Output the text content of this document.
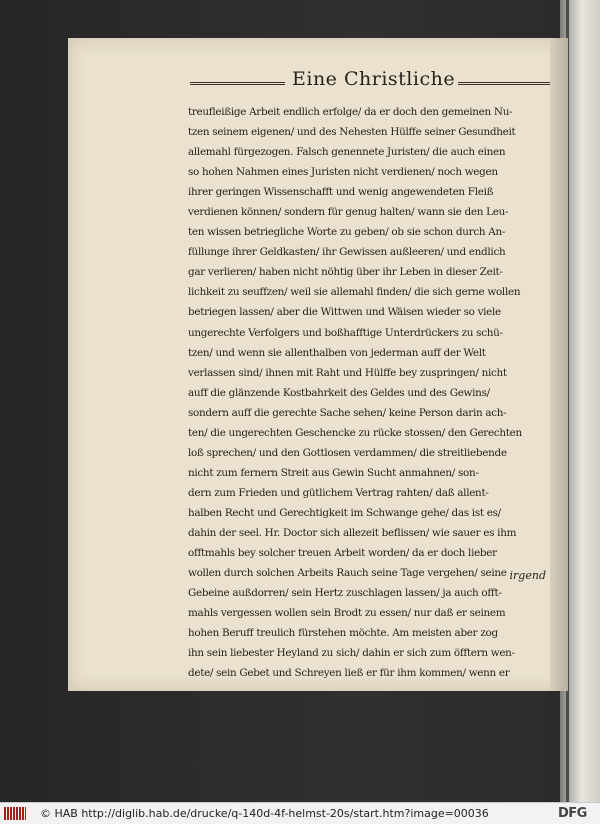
Eine Christliche
treufleißige Arbeit endlich erfolge/ da er doch den gemeinen Nu-
tzen seinem eigenen/ und des Nehesten Hülffe seiner Gesundheit
allemahl fürgezogen. Falsch genennete Juristen/ die auch einen
so hohen Nahmen eines Juristen nicht verdienen/ noch wegen
ihrer geringen Wissenschafft und wenig angewendeten Fleiß
verdienen können/ sondern für genug halten/ wann sie den Leu-
ten wissen betriegliche Worte zu geben/ ob sie schon durch An-
füllunge ihrer Geldkasten/ ihr Gewissen außleeren/ und endlich
gar verlieren/ haben nicht nöhtig über ihr Leben in dieser Zeit-
lichkeit zu seuffzen/ weil sie allemahl finden/ die sich gerne wollen
betriegen lassen/ aber die Wittwen und Wäisen wieder so viele
ungerechte Verfolgers und boßhafftige Unterdrückers zu schü-
tzen/ und wenn sie allenthalben von jederman auff der Welt
verlassen sind/ ihnen mit Raht und Hülffe bey zuspringen/ nicht
auff die glänzende Kostbahrkeit des Geldes und des Gewins/
sondern auff die gerechte Sache sehen/ keine Person darin ach-
ten/ die ungerechten Geschencke zu rücke stossen/ den Gerechten
loß sprechen/ und den Gottlosen verdammen/ die streitliebende
nicht zum fernern Streit aus Gewin Sucht anmahnen/ son-
dern zum Frieden und gütlichem Vertrag rahten/ daß allent-
halben Recht und Gerechtigkeit im Schwange gehe/ das ist es/
dahin der seel. Hr. Doctor sich allezeit beflissen/ wie sauer es ihm
offtmahls bey solcher treuen Arbeit worden/ da er doch lieber
wollen durch solchen Arbeits Rauch seine Tage vergehen/ seine
Gebeine außdorren/ sein Hertz zuschlagen lassen/ ja auch offt-
mahls vergessen wollen sein Brodt zu essen/ nur daß er seinem
hohen Beruff treulich fürstehen möchte. Am meisten aber zog
ihn sein liebester Heyland zu sich/ dahin er sich zum öfftern wen-
dete/ sein Gebet und Schreyen ließ er für ihm kommen/ wenn er
irgend
© HAB http://diglib.hab.de/drucke/q-140d-4f-helmst-20s/start.htm?image=00036	DFG
